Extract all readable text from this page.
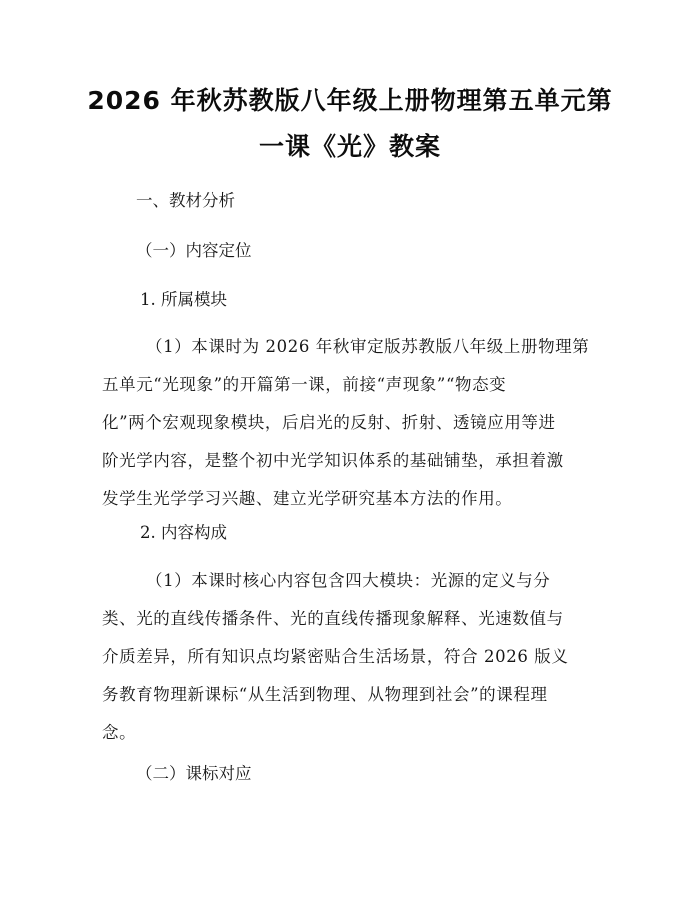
2026 年秋苏教版八年级上册物理第五单元第
一课《光》教案
一、教材分析
（一）内容定位
1. 所属模块
（1）本课时为 2026 年秋审定版苏教版八年级上册物理第
五单元“光现象”的开篇第一课，前接“声现象”“物态变
化”两个宏观现象模块，后启光的反射、折射、透镜应用等进
阶光学内容，是整个初中光学知识体系的基础铺垫，承担着激
发学生光学学习兴趣、建立光学研究基本方法的作用。
2. 内容构成
（1）本课时核心内容包含四大模块：光源的定义与分
类、光的直线传播条件、光的直线传播现象解释、光速数值与
介质差异，所有知识点均紧密贴合生活场景，符合 2026 版义
务教育物理新课标“从生活到物理、从物理到社会”的课程理
念。
（二）课标对应
